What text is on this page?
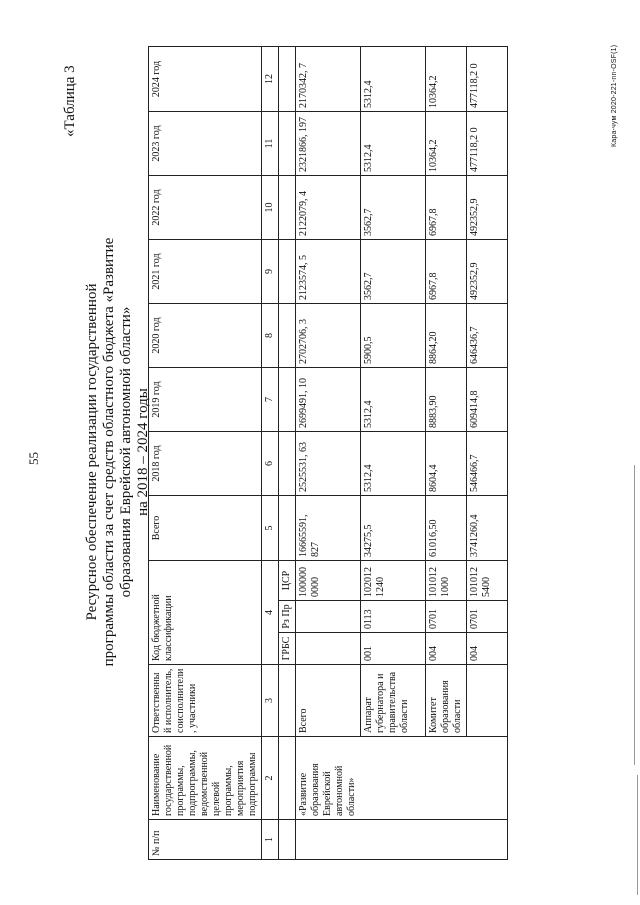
55
«Таблица 3
Ресурсное обеспечение реализации государственной программы области за счет средств областного бюджета «Развитие образования Еврейской автономной области» на 2018 – 2024 годы
№ п/п	Наименование государственной программы, подпрограммы, ведомственной целевой программы, мероприятия подпрограммы	Ответственный исполнитель, соисполнители, участники	Код бюджетной классификации			Всего	2018 год	2019 год	2020 год	2021 год	2022 год	2023 год	2024 год

1	2	3	4			5	6	7	8	9	10	11	12
			ГРБС	Рз Пр	ЦСР								
	«Развитие образования Еврейской автономной области»	Всего			100000 0000	16665591, 827	2525531, 63	2699491, 10	2702706, 3	2123574, 5	2122079, 4	2321866, 197	2170342, 7
		Аппарат губернатора и правительства области	001	0113	102012 1240	34275,5	5312,4	5312,4	5900,5	3562,7	3562,7	5312,4	5312,4
		Комитет образования области	004	0701	101012 1000	61016,50	8604,4	8883,90	8864,20	6967,8	6967,8	10364,2	10364,2
			004	0701	101012 5400	3741260,4	546466,7	609414,8	646436,7	492352,9	492352,9	477118,2 0	477118,2 0	Кара-чум 2020-221-nn-OSF(1)
